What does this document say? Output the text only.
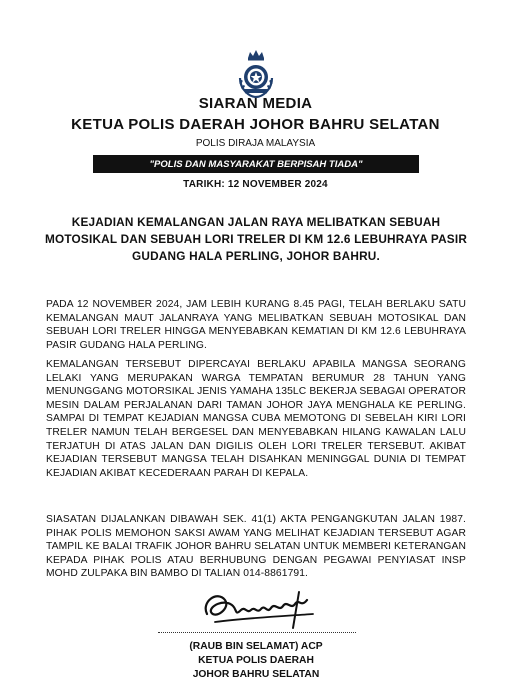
SIARAN MEDIA
KETUA POLIS DAERAH JOHOR BAHRU SELATAN
POLIS DIRAJA MALAYSIA
"POLIS DAN MASYARAKAT BERPISAH TIADA"
TARIKH: 12 NOVEMBER 2024
KEJADIAN KEMALANGAN JALAN RAYA MELIBATKAN SEBUAH MOTOSIKAL DAN SEBUAH LORI TRELER DI KM 12.6 LEBUHRAYA PASIR GUDANG HALA PERLING, JOHOR BAHRU.

PADA 12 NOVEMBER 2024, JAM LEBIH KURANG 8.45 PAGI, TELAH BERLAKU SATU KEMALANGAN MAUT JALANRAYA YANG MELIBATKAN SEBUAH MOTOSIKAL DAN SEBUAH LORI TRELER HINGGA MENYEBABKAN KEMATIAN DI KM 12.6 LEBUHRAYA PASIR GUDANG HALA PERLING.

KEMALANGAN TERSEBUT DIPERCAYAI BERLAKU APABILA MANGSA SEORANG LELAKI YANG MERUPAKAN WARGA TEMPATAN BERUMUR 28 TAHUN YANG MENUNGGANG MOTORSIKAL JENIS YAMAHA 135LC BEKERJA SEBAGAI OPERATOR MESIN DALAM PERJALANAN DARI TAMAN JOHOR JAYA MENGHALA KE PERLING. SAMPAI DI TEMPAT KEJADIAN MANGSA CUBA MEMOTONG DI SEBELAH KIRI LORI TRELER NAMUN TELAH BERGESEL DAN MENYEBABKAN HILANG KAWALAN LALU TERJATUH DI ATAS JALAN DAN DIGILIS OLEH LORI TRELER TERSEBUT. AKIBAT KEJADIAN TERSEBUT MANGSA TELAH DISAHKAN MENINGGAL DUNIA DI TEMPAT KEJADIAN AKIBAT KECEDERAAN PARAH DI KEPALA.

SIASATAN DIJALANKAN DIBAWAH SEK. 41(1) AKTA PENGANGKUTAN JALAN 1987. PIHAK POLIS MEMOHON SAKSI AWAM YANG MELIHAT KEJADIAN TERSEBUT AGAR TAMPIL KE BALAI TRAFIK JOHOR BAHRU SELATAN UNTUK MEMBERI KETERANGAN KEPADA PIHAK POLIS ATAU BERHUBUNG DENGAN PEGAWAI PENYIASAT INSP MOHD ZULPAKA BIN BAMBO DI TALIAN 014-8861791.

(RAUB BIN SELAMAT) ACP
KETUA POLIS DAERAH
JOHOR BAHRU SELATAN
